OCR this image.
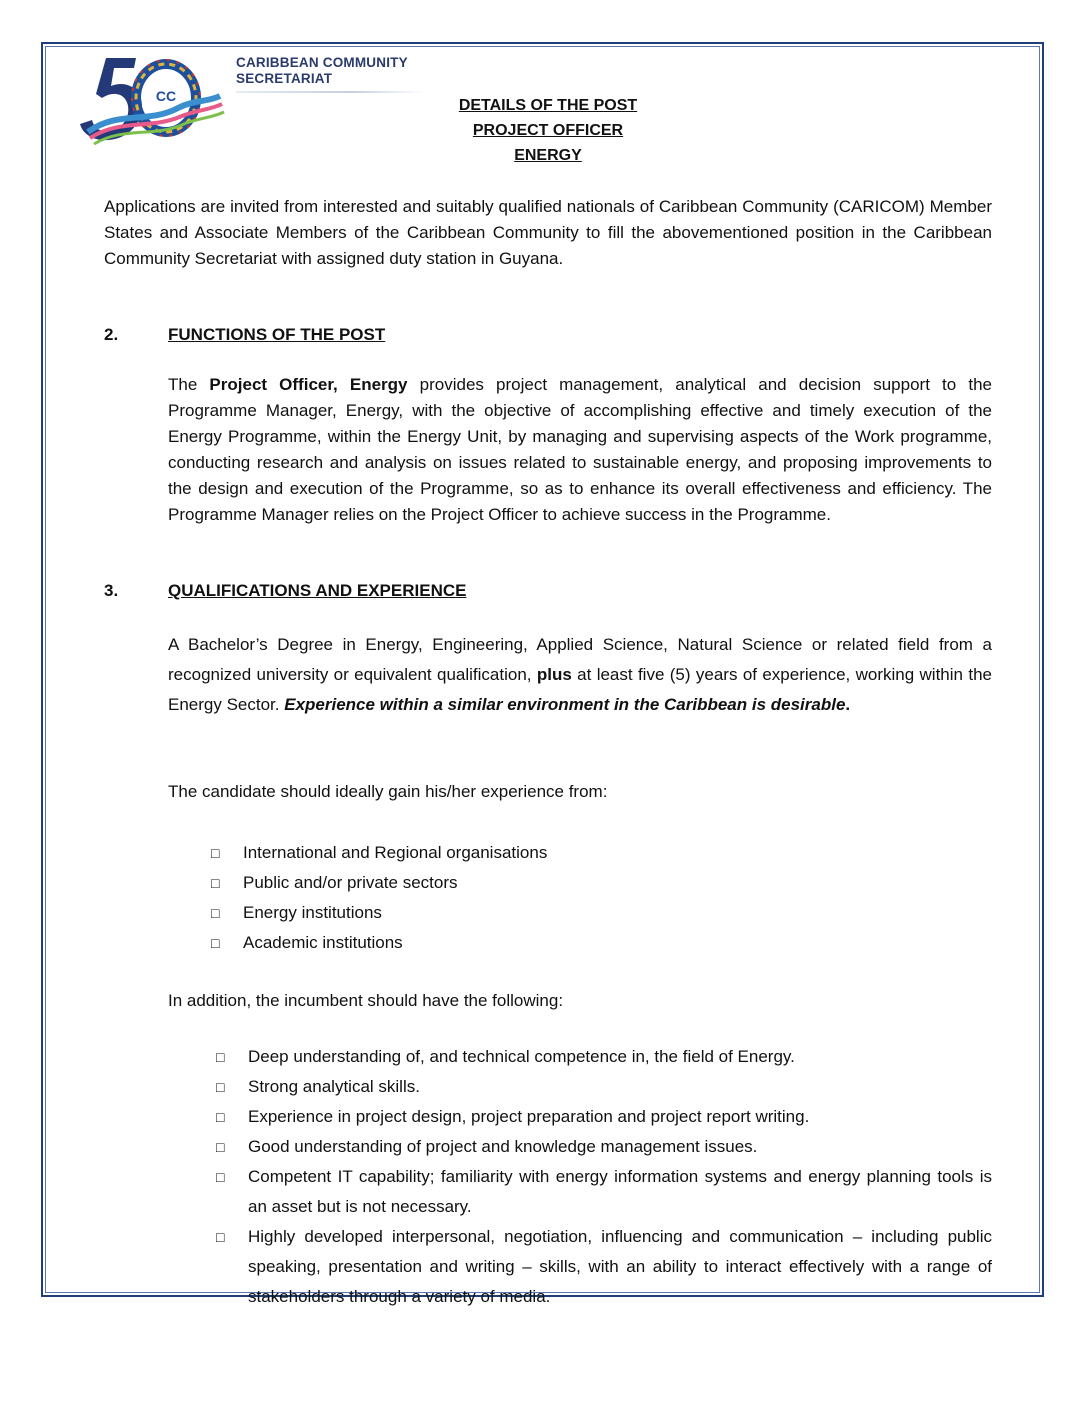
CC
CARIBBEAN COMMUNITY
SECRETARIAT
DETAILS OF THE POST
PROJECT OFFICER
ENERGY
Applications are invited from interested and suitably qualified nationals of Caribbean Community (CARICOM) Member States and Associate Members of the Caribbean Community to fill the abovementioned position in the Caribbean Community Secretariat with assigned duty station in Guyana.
2.	FUNCTIONS OF THE POST
The Project Officer, Energy provides project management, analytical and decision support to the Programme Manager, Energy, with the objective of accomplishing effective and timely execution of the Energy Programme, within the Energy Unit, by managing and supervising aspects of the Work programme, conducting research and analysis on issues related to sustainable energy, and proposing improvements to the design and execution of the Programme, so as to enhance its overall effectiveness and efficiency. The Programme Manager relies on the Project Officer to achieve success in the Programme.
3.	QUALIFICATIONS AND EXPERIENCE
A Bachelor’s Degree in Energy, Engineering, Applied Science, Natural Science or related field from a recognized university or equivalent qualification, plus at least five (5) years of experience, working within the Energy Sector. Experience within a similar environment in the Caribbean is desirable.
The candidate should ideally gain his/her experience from:
□ International and Regional organisations
□ Public and/or private sectors
□ Energy institutions
□ Academic institutions
In addition, the incumbent should have the following:
□ Deep understanding of, and technical competence in, the field of Energy.
□ Strong analytical skills.
□ Experience in project design, project preparation and project report writing.
□ Good understanding of project and knowledge management issues.
□ Competent IT capability; familiarity with energy information systems and energy planning tools is an asset but is not necessary.
□ Highly developed interpersonal, negotiation, influencing and communication – including public speaking, presentation and writing – skills, with an ability to interact effectively with a range of stakeholders through a variety of media.
